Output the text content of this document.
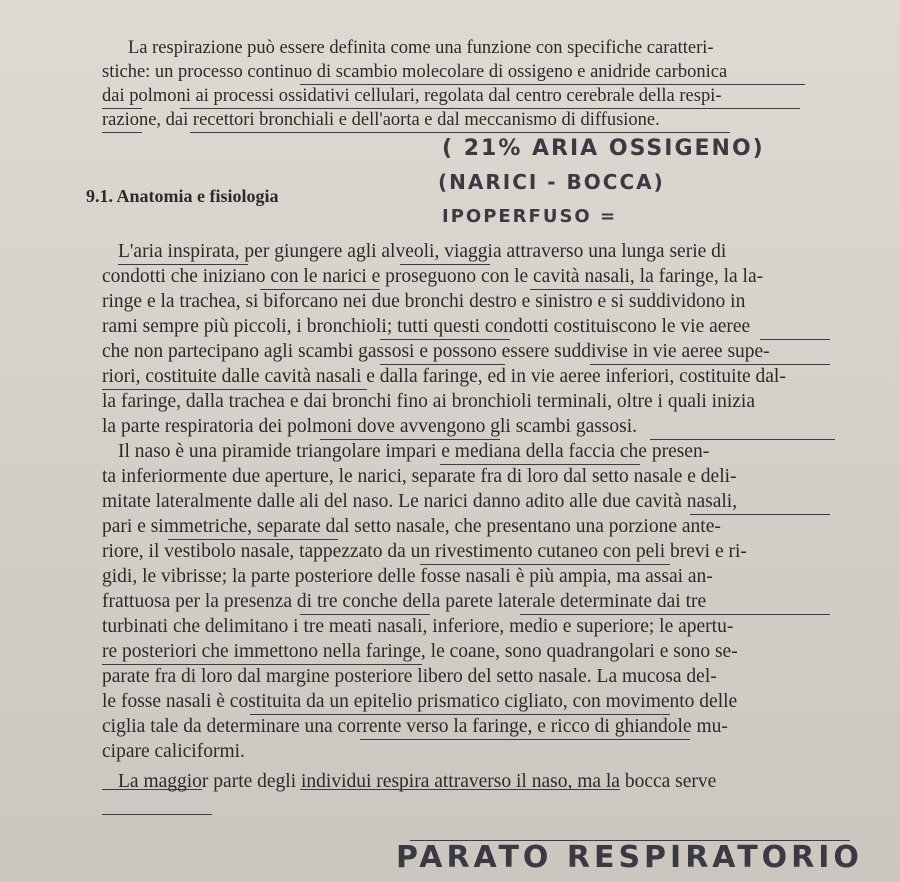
La respirazione può essere definita come una funzione con specifiche caratteri-
stiche: un processo continuo di scambio molecolare di ossigeno e anidride carbonica
dai polmoni ai processi ossidativi cellulari, regolata dal centro cerebrale della respi-
razione, dai recettori bronchiali e dell'aorta e dal meccanismo di diffusione.
( 21% ARIA OSSIGENO)
(NARICI - BOCCA)
IPOPERFUSO =
9.1. Anatomia e fisiologia
L'aria inspirata, per giungere agli alveoli, viaggia attraverso una lunga serie di
condotti che iniziano con le narici e proseguono con le cavità nasali, la faringe, la la-
ringe e la trachea, si biforcano nei due bronchi destro e sinistro e si suddividono in
rami sempre più piccoli, i bronchioli; tutti questi condotti costituiscono le vie aeree
che non partecipano agli scambi gassosi e possono essere suddivise in vie aeree supe-
riori, costituite dalle cavità nasali e dalla faringe, ed in vie aeree inferiori, costituite dal-
la faringe, dalla trachea e dai bronchi fino ai bronchioli terminali, oltre i quali inizia
la parte respiratoria dei polmoni dove avvengono gli scambi gassosi.
Il naso è una piramide triangolare impari e mediana della faccia che presen-
ta inferiormente due aperture, le narici, separate fra di loro dal setto nasale e deli-
mitate lateralmente dalle ali del naso. Le narici danno adito alle due cavità nasali,
pari e simmetriche, separate dal setto nasale, che presentano una porzione ante-
riore, il vestibolo nasale, tappezzato da un rivestimento cutaneo con peli brevi e ri-
gidi, le vibrisse; la parte posteriore delle fosse nasali è più ampia, ma assai an-
frattuosa per la presenza di tre conche della parete laterale determinate dai tre
turbinati che delimitano i tre meati nasali, inferiore, medio e superiore; le apertu-
re posteriori che immettono nella faringe, le coane, sono quadrangolari e sono se-
parate fra di loro dal margine posteriore libero del setto nasale. La mucosa del-
le fosse nasali è costituita da un epitelio prismatico cigliato, con movimento delle
ciglia tale da determinare una corrente verso la faringe, e ricco di ghiandole mu-
cipare caliciformi.
La maggior parte degli individui respira attraverso il naso, ma la bocca serve
PARATO RESPIRATORIO
